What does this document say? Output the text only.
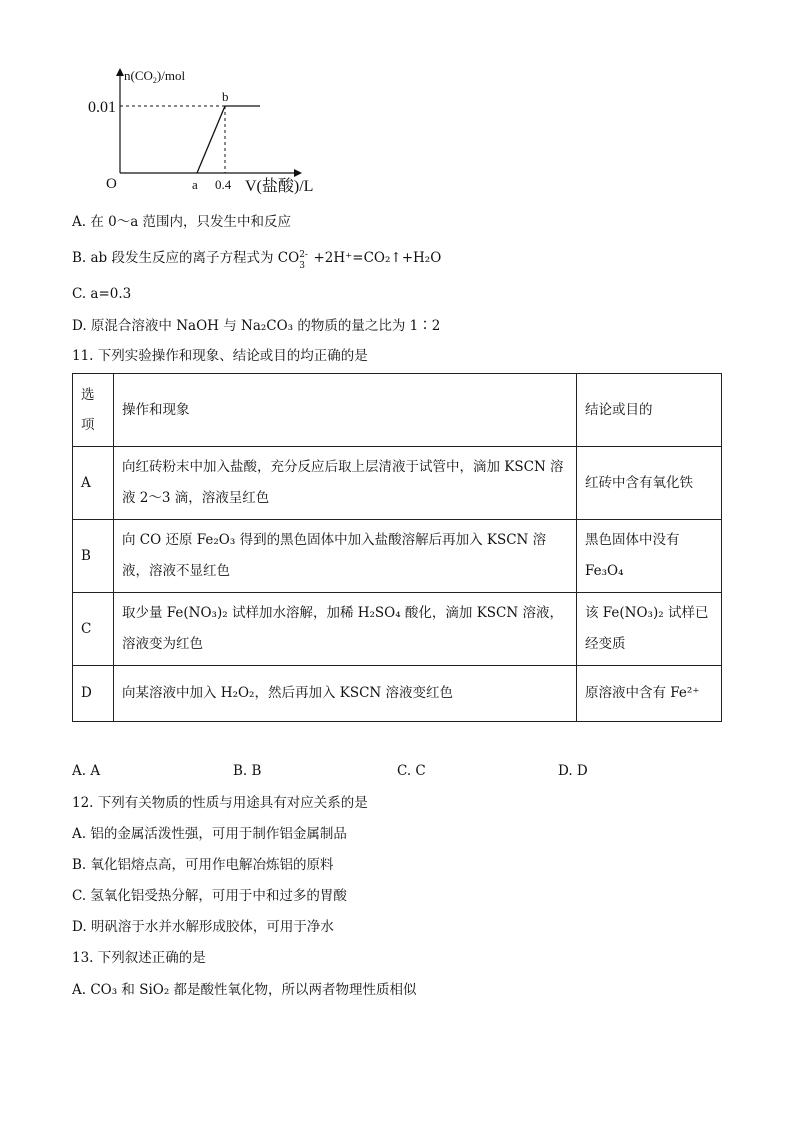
$n(CO_2)$/mol
0.01
b
O	a 0.4 V(盐酸)/L
A. 在 0～a 范围内，只发生中和反应
B. ab 段发生反应的离子方程式为 CO 2-
3 +2H⁺=CO₂↑+H₂O
C. a=0.3
D. 原混合溶液中 NaOH 与 Na₂CO₃ 的物质的量之比为 1∶2
11. 下列实验操作和现象、结论或目的均正确的是
选项	操作和现象	结论或目的
A	向红砖粉末中加入盐酸，充分反应后取上层清液于试管中，滴加 KSCN 溶液 2～3 滴，溶液呈红色	红砖中含有氧化铁
B	向 CO 还原 Fe₂O₃ 得到的黑色固体中加入盐酸溶解后再加入 KSCN 溶液，溶液不显红色	黑色固体中没有 Fe₃O₄
C	取少量 Fe(NO₃)₂ 试样加水溶解，加稀 H₂SO₄ 酸化，滴加 KSCN 溶液，溶液变为红色	该 Fe(NO₃)₂ 试样已经变质
D	向某溶液中加入 H₂O₂，然后再加入 KSCN 溶液变红色	原溶液中含有 Fe²⁺
A. A	B. B	C. C	D. D
12. 下列有关物质的性质与用途具有对应关系的是
A. 铝的金属活泼性强，可用于制作铝金属制品
B. 氧化铝熔点高，可用作电解冶炼铝的原料
C. 氢氧化铝受热分解，可用于中和过多的胃酸
D. 明矾溶于水并水解形成胶体，可用于净水
13. 下列叙述正确的是
A. CO₃ 和 SiO₂ 都是酸性氧化物，所以两者物理性质相似
